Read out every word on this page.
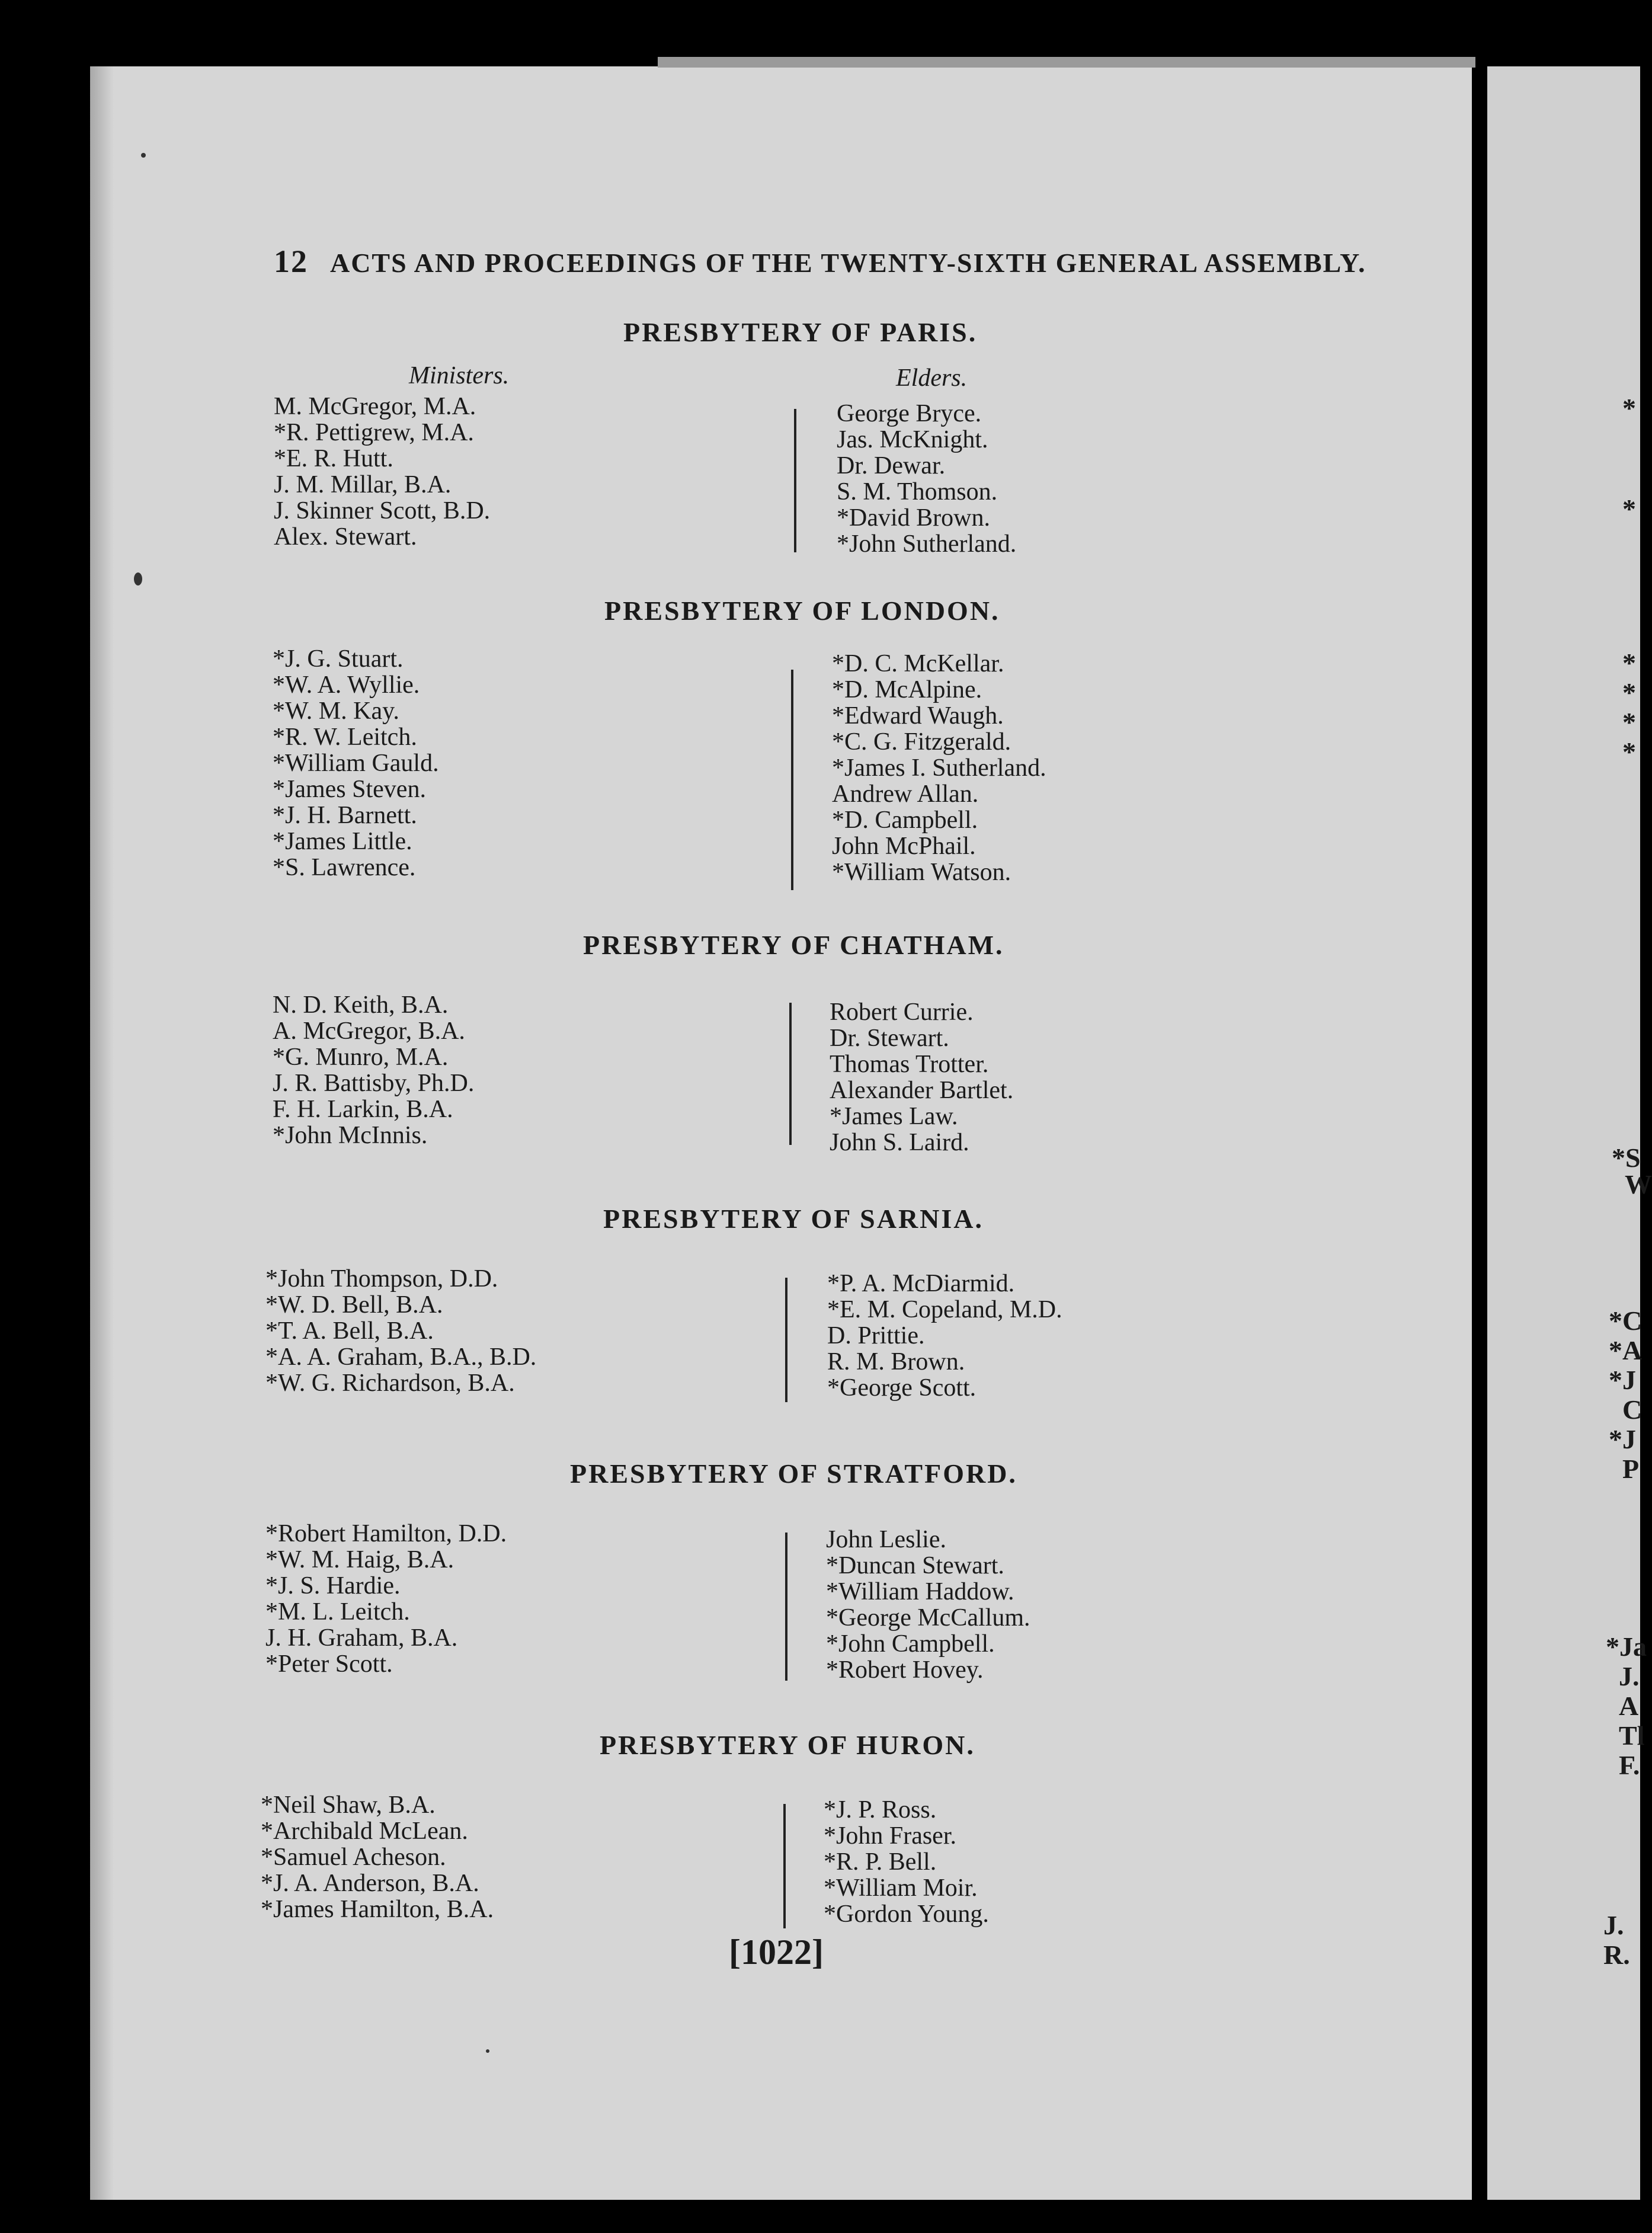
*
*
*
*
*
*
*S
W
*C
*A
*J
C
*J
P
*Ja
J.
A
Tl
F.
J.
R.
12 ACTS AND PROCEEDINGS OF THE TWENTY-SIXTH GENERAL ASSEMBLY.
PRESBYTERY OF PARIS.
Ministers.	Elders.
M. McGregor, M.A.
*R. Pettigrew, M.A.
*E. R. Hutt.
J. M. Millar, B.A.
J. Skinner Scott, B.D.
Alex. Stewart.
George Bryce.
Jas. McKnight.
Dr. Dewar.
S. M. Thomson.
*David Brown.
*John Sutherland.
PRESBYTERY OF LONDON.
*J. G. Stuart.
*W. A. Wyllie.
*W. M. Kay.
*R. W. Leitch.
*William Gauld.
*James Steven.
*J. H. Barnett.
*James Little.
*S. Lawrence.
*D. C. McKellar.
*D. McAlpine.
*Edward Waugh.
*C. G. Fitzgerald.
*James I. Sutherland.
Andrew Allan.
*D. Campbell.
John McPhail.
*William Watson.
PRESBYTERY OF CHATHAM.
N. D. Keith, B.A.
A. McGregor, B.A.
*G. Munro, M.A.
J. R. Battisby, Ph.D.
F. H. Larkin, B.A.
*John McInnis.
Robert Currie.
Dr. Stewart.
Thomas Trotter.
Alexander Bartlet.
*James Law.
John S. Laird.
PRESBYTERY OF SARNIA.
*John Thompson, D.D.
*W. D. Bell, B.A.
*T. A. Bell, B.A.
*A. A. Graham, B.A., B.D.
*W. G. Richardson, B.A.
*P. A. McDiarmid.
*E. M. Copeland, M.D.
D. Prittie.
R. M. Brown.
*George Scott.
PRESBYTERY OF STRATFORD.
*Robert Hamilton, D.D.
*W. M. Haig, B.A.
*J. S. Hardie.
*M. L. Leitch.
J. H. Graham, B.A.
*Peter Scott.
John Leslie.
*Duncan Stewart.
*William Haddow.
*George McCallum.
*John Campbell.
*Robert Hovey.
PRESBYTERY OF HURON.
*Neil Shaw, B.A.
*Archibald McLean.
*Samuel Acheson.
*J. A. Anderson, B.A.
*James Hamilton, B.A.
*J. P. Ross.
*John Fraser.
*R. P. Bell.
*William Moir.
*Gordon Young.
[1022]
